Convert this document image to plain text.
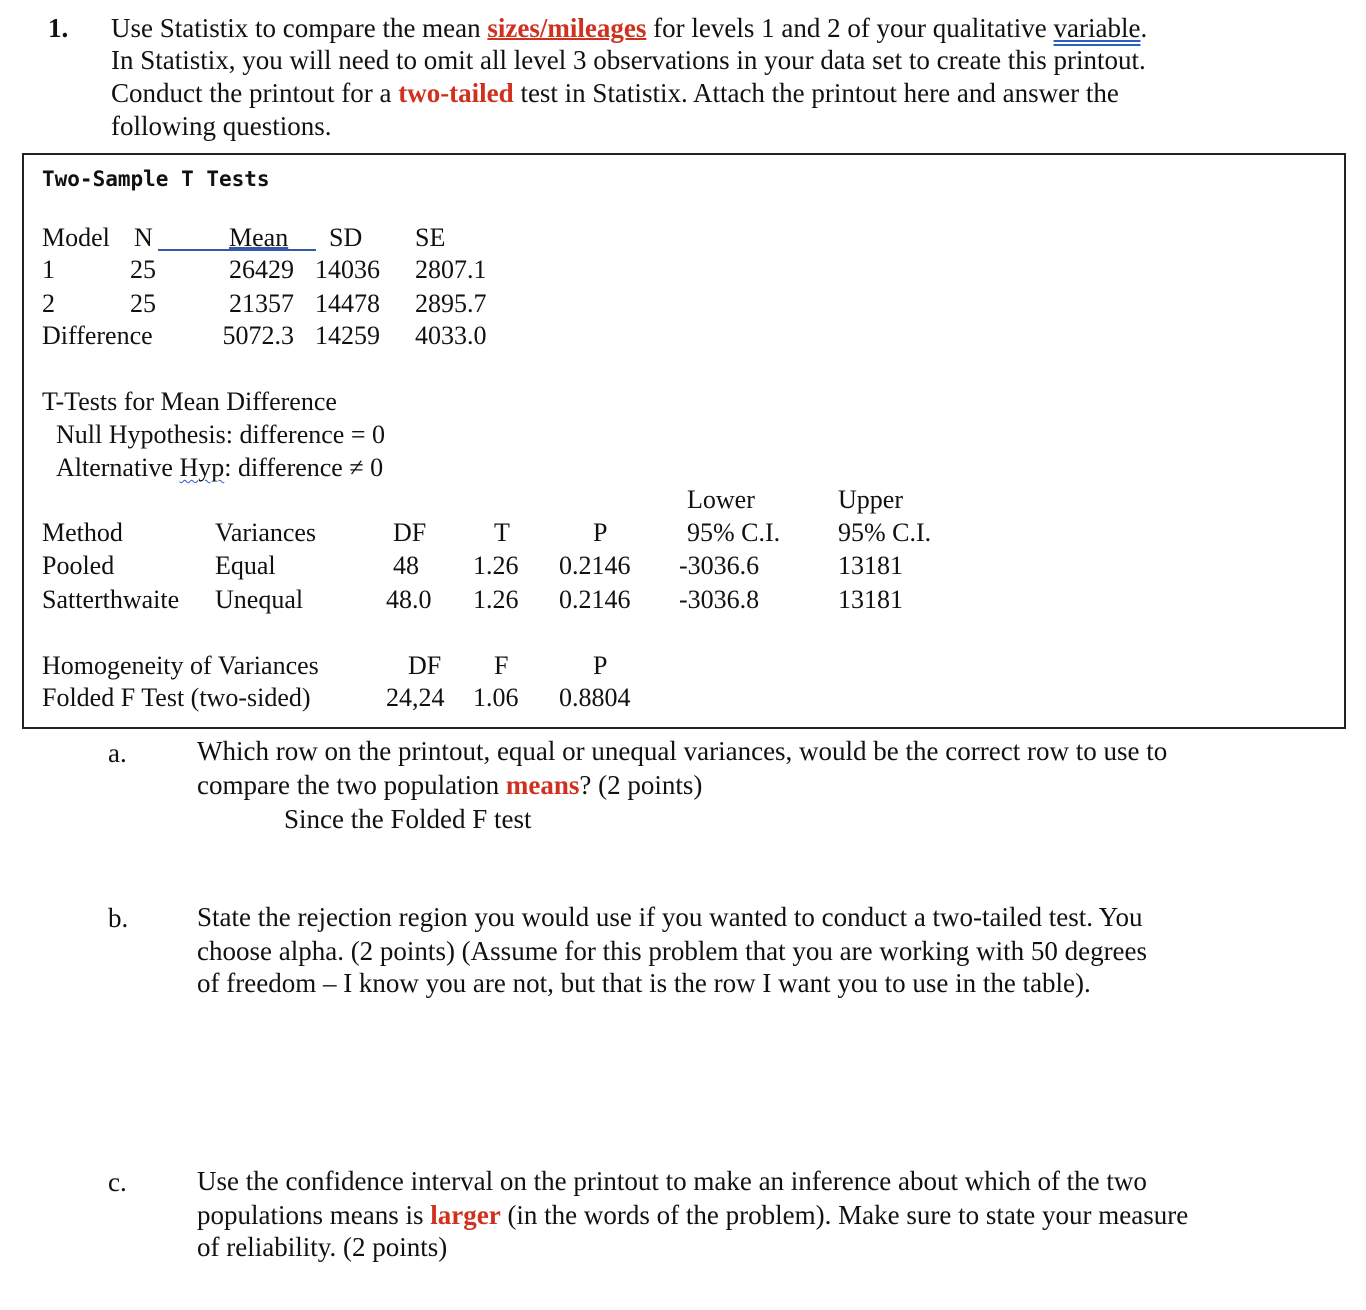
1. Use Statistix to compare the mean sizes/mileages for levels 1 and 2 of your qualitative variable.
In Statistix, you will need to omit all level 3 observations in your data set to create this printout.
Conduct the printout for a two-tailed test in Statistix. Attach the printout here and answer the
following questions.
Two-Sample T Tests
Model N	Mean SD SE
1	25	26429 14036 2807.1
2	25	21357 14478 2895.7
Difference	5072.3 14259 4033.0
T-Tests for Mean Difference
Null Hypothesis: difference = 0
Alternative Hyp: difference ≠ 0
Lower	Upper
Method	Variances	DF	T	P	95% C.I. 95% C.I.
Pooled	Equal	48 1.26 0.2146 -3036.6	13181
Satterthwaite Unequal	48.0 1.26 0.2146 -3036.8	13181
Homogeneity of Variances	DF F	P
Folded F Test (two-sided)	24,24 1.06 0.8804
a.	Which row on the printout, equal or unequal variances, would be the correct row to use to
compare the two population means? (2 points)
Since the Folded F test
b.	State the rejection region you would use if you wanted to conduct a two-tailed test. You
choose alpha. (2 points) (Assume for this problem that you are working with 50 degrees
of freedom – I know you are not, but that is the row I want you to use in the table).
c.	Use the confidence interval on the printout to make an inference about which of the two
populations means is larger (in the words of the problem). Make sure to state your measure
of reliability. (2 points)
